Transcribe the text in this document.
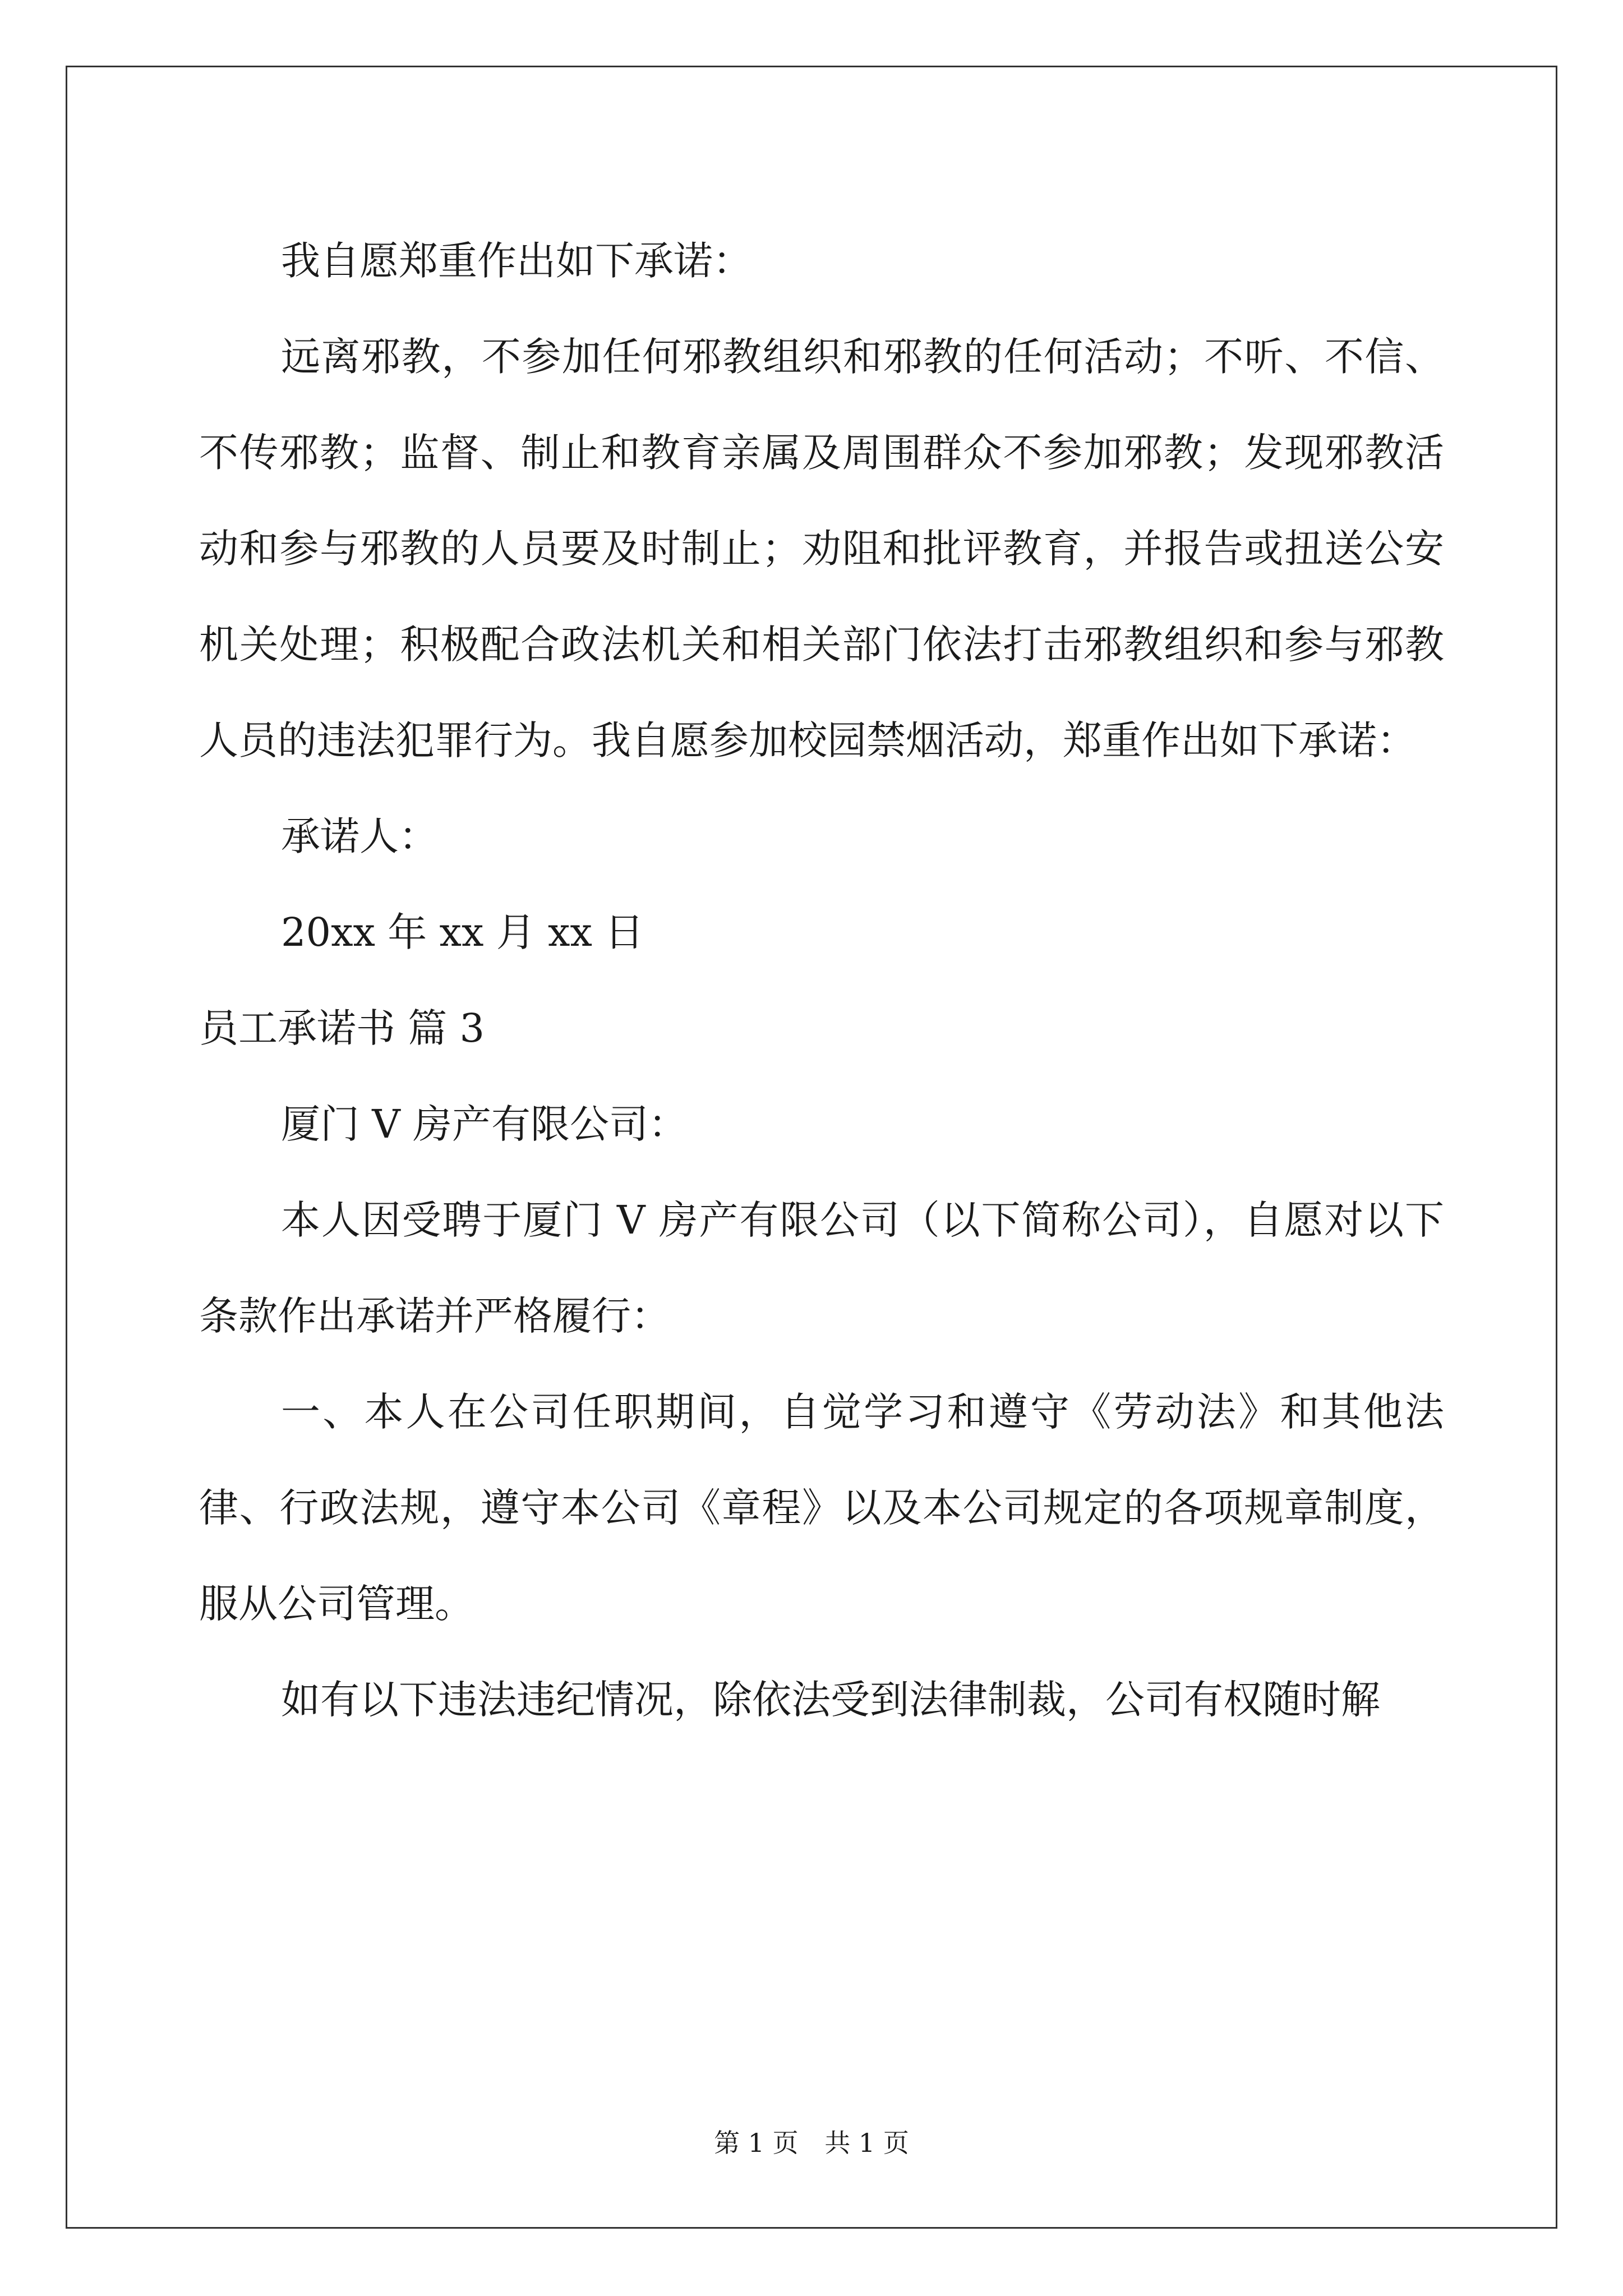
我自愿郑重作出如下承诺：

远离邪教，不参加任何邪教组织和邪教的任何活动；不听、不信、不传邪教；监督、制止和教育亲属及周围群众不参加邪教；发现邪教活动和参与邪教的人员要及时制止；劝阻和批评教育，并报告或扭送公安机关处理；积极配合政法机关和相关部门依法打击邪教组织和参与邪教人员的违法犯罪行为。我自愿参加校园禁烟活动，郑重作出如下承诺：

承诺人：

20xx 年 xx 月 xx 日

员工承诺书 篇 3

厦门 V 房产有限公司：

本人因受聘于厦门 V 房产有限公司（以下简称公司），自愿对以下条款作出承诺并严格履行：

一、本人在公司任职期间，自觉学习和遵守《劳动法》和其他法律、行政法规，遵守本公司《章程》以及本公司规定的各项规章制度，服从公司管理。

如有以下违法违纪情况，除依法受到法律制裁，公司有权随时解

第 1 页 共 1 页
